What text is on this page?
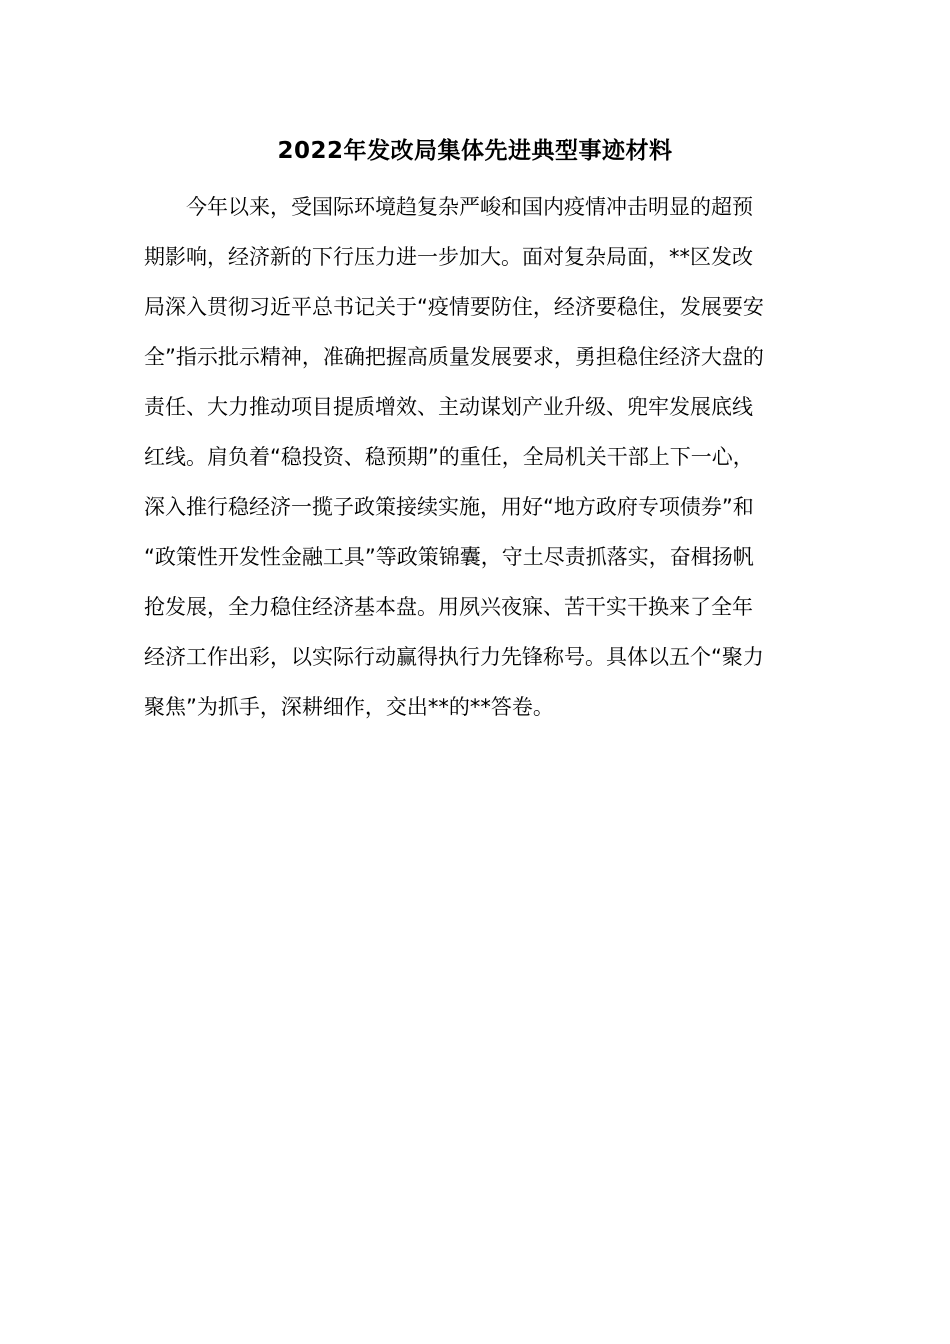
2022年发改局集体先进典型事迹材料
今年以来，受国际环境趋复杂严峻和国内疫情冲击明显的超预
期影响，经济新的下行压力进一步加大。面对复杂局面，**区发改
局深入贯彻习近平总书记关于“疫情要防住，经济要稳住，发展要安
全”指示批示精神，准确把握高质量发展要求，勇担稳住经济大盘的
责任、大力推动项目提质增效、主动谋划产业升级、兜牢发展底线
红线。肩负着“稳投资、稳预期”的重任，全局机关干部上下一心，
深入推行稳经济一揽子政策接续实施，用好“地方政府专项债券”和
“政策性开发性金融工具”等政策锦囊，守土尽责抓落实，奋楫扬帆
抢发展，全力稳住经济基本盘。用夙兴夜寐、苦干实干换来了全年
经济工作出彩，以实际行动赢得执行力先锋称号。具体以五个“聚力
聚焦”为抓手，深耕细作，交出**的**答卷。
